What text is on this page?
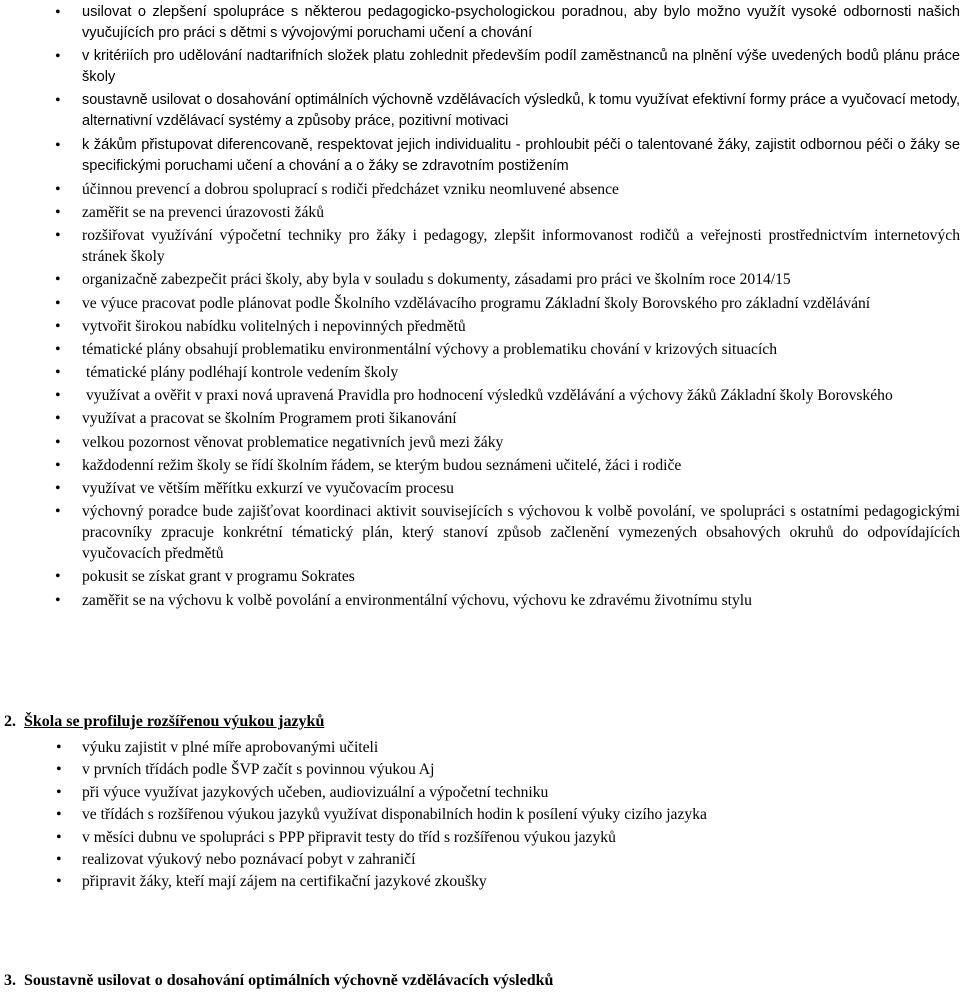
• usilovat o zlepšení spolupráce s některou pedagogicko-psychologickou poradnou, aby bylo možno využít vysoké odbornosti našich vyučujících pro práci s dětmi s vývojovými poruchami učení a chování
• v kritériích pro udělování nadtarifních složek platu zohlednit především podíl zaměstnanců na plnění výše uvedených bodů plánu práce školy
• soustavně usilovat o dosahování optimálních výchovně vzdělávacích výsledků, k tomu využívat efektivní formy práce a vyučovací metody, alternativní vzdělávací systémy a způsoby práce, pozitivní motivaci
• k žákům přistupovat diferencovaně, respektovat jejich individualitu - prohloubit péči o talentované žáky, zajistit odbornou péči o žáky se specifickými poruchami učení a chování a o žáky se zdravotním postižením
• účinnou prevencí a dobrou spoluprací s rodiči předcházet vzniku neomluvené absence
• zaměřit se na prevenci úrazovosti žáků
• rozšiřovat využívání výpočetní techniky pro žáky i pedagogy, zlepšit informovanost rodičů a veřejnosti prostřednictvím internetových stránek školy
• organizačně zabezpečit práci školy, aby byla v souladu s dokumenty, zásadami pro práci ve školním roce 2014/15
• ve výuce pracovat podle plánovat podle Školního vzdělávacího programu Základní školy Borovského pro základní vzdělávání
• vytvořit širokou nabídku volitelných i nepovinných předmětů
• tématické plány obsahují problematiku environmentální výchovy a problematiku chování v krizových situacích
• tématické plány podléhají kontrole vedením školy
• využívat a ověřit v praxi nová upravená Pravidla pro hodnocení výsledků vzdělávání a výchovy žáků Základní školy Borovského
• využívat a pracovat se školním Programem proti šikanování
• velkou pozornost věnovat problematice negativních jevů mezi žáky
• každodenní režim školy se řídí školním řádem, se kterým budou seznámeni učitelé, žáci i rodiče
• využívat ve větším měřítku exkurzí ve vyučovacím procesu
• výchovný poradce bude zajišťovat koordinaci aktivit souvisejících s výchovou k volbě povolání, ve spolupráci s ostatními pedagogickými pracovníky zpracuje konkrétní tématický plán, který stanoví způsob začlenění vymezených obsahových okruhů do odpovídajících vyučovacích předmětů
• pokusit se získat grant v programu Sokrates
• zaměřit se na výchovu k volbě povolání a environmentální výchovu, výchovu ke zdravému životnímu stylu
2. Škola se profiluje rozšířenou výukou jazyků
• výuku zajistit v plné míře aprobovanými učiteli
• v prvních třídách podle ŠVP začít s povinnou výukou Aj
• při výuce využívat jazykových učeben, audiovizuální a výpočetní techniku
• ve třídách s rozšířenou výukou jazyků využívat disponabilních hodin k posílení výuky cizího jazyka
• v měsíci dubnu ve spolupráci s PPP připravit testy do tříd s rozšířenou výukou jazyků
• realizovat výukový nebo poznávací pobyt v zahraničí
• připravit žáky, kteří mají zájem na certifikační jazykové zkoušky
3. Soustavně usilovat o dosahování optimálních výchovně vzdělávacích výsledků
